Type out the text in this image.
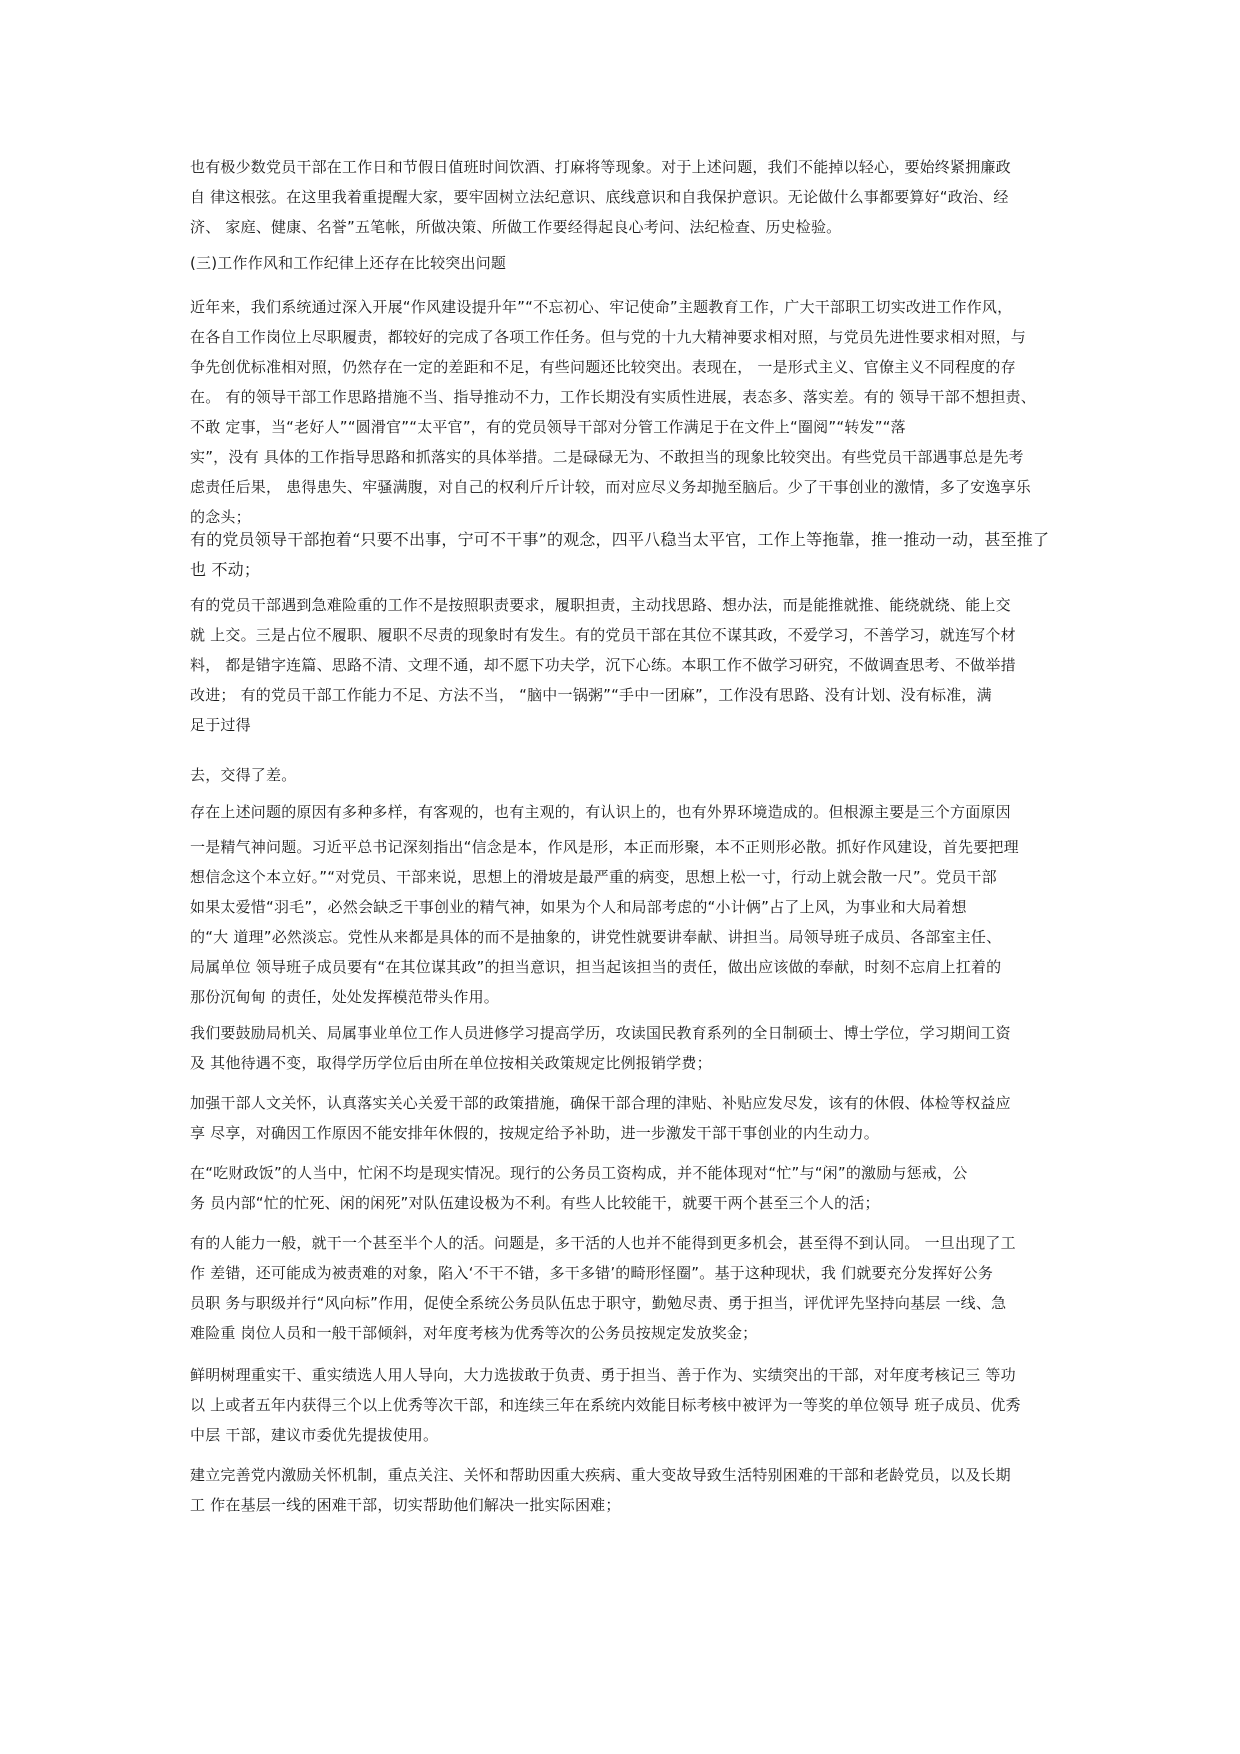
也有极少数党员干部在工作日和节假日值班时间饮酒、打麻将等现象。对于上述问题，我们不能掉以轻心，要始终紧拥廉政
自 律这根弦。在这里我着重提醒大家，要牢固树立法纪意识、底线意识和自我保护意识。无论做什么事都要算好“政治、经
济、 家庭、健康、名誉”五笔帐，所做决策、所做工作要经得起良心考问、法纪检查、历史检验。
(三)工作作风和工作纪律上还存在比较突出问题
近年来，我们系统通过深入开展“作风建设提升年”“不忘初心、牢记使命”主题教育工作，广大干部职工切实改进工作作风，
在各自工作岗位上尽职履责，都较好的完成了各项工作任务。但与党的十九大精神要求相对照，与党员先进性要求相对照，与
争先创优标准相对照，仍然存在一定的差距和不足，有些问题还比较突出。表现在， 一是形式主义、官僚主义不同程度的存
在。 有的领导干部工作思路措施不当、指导推动不力，工作长期没有实质性进展，表态多、落实差。有的 领导干部不想担责、
不敢 定事，当“老好人”“圆滑官”“太平官”，有的党员领导干部对分管工作满足于在文件上“圈阅”“转发”“落
实”，没有 具体的工作指导思路和抓落实的具体举措。二是碌碌无为、不敢担当的现象比较突出。有些党员干部遇事总是先考
虑责任后果， 患得患失、牢骚满腹，对自己的权利斤斤计较，而对应尽义务却抛至脑后。少了干事创业的激情，多了安逸享乐
的念头；
有的党员领导干部抱着“只要不出事，宁可不干事”的观念，四平八稳当太平官，工作上等拖靠，推一推动一动，甚至推了
也 不动；
有的党员干部遇到急难险重的工作不是按照职责要求，履职担责，主动找思路、想办法，而是能推就推、能绕就绕、能上交
就 上交。三是占位不履职、履职不尽责的现象时有发生。有的党员干部在其位不谋其政，不爱学习，不善学习，就连写个材
料， 都是错字连篇、思路不清、文理不通，却不愿下功夫学，沉下心练。本职工作不做学习研究，不做调查思考、不做举措
改进； 有的党员干部工作能力不足、方法不当， “脑中一锅粥”“手中一团麻”，工作没有思路、没有计划、没有标准，满
足于过得
去，交得了差。
存在上述问题的原因有多种多样，有客观的，也有主观的，有认识上的，也有外界环境造成的。但根源主要是三个方面原因
一是精气神问题。习近平总书记深刻指出“信念是本，作风是形，本正而形聚，本不正则形必散。抓好作风建设，首先要把理
想信念这个本立好。”“对党员、干部来说，思想上的滑坡是最严重的病变，思想上松一寸，行动上就会散一尺”。党员干部
如果太爱惜“羽毛”，必然会缺乏干事创业的精气神，如果为个人和局部考虑的“小计俩”占了上风，为事业和大局着想
的“大 道理”必然淡忘。党性从来都是具体的而不是抽象的，讲党性就要讲奉献、讲担当。局领导班子成员、各部室主任、
局属单位 领导班子成员要有“在其位谋其政”的担当意识，担当起该担当的责任，做出应该做的奉献，时刻不忘肩上扛着的
那份沉甸甸 的责任，处处发挥模范带头作用。
我们要鼓励局机关、局属事业单位工作人员进修学习提高学历，攻读国民教育系列的全日制硕士、博士学位，学习期间工资
及 其他待遇不变，取得学历学位后由所在单位按相关政策规定比例报销学费；
加强干部人文关怀，认真落实关心关爱干部的政策措施，确保干部合理的津贴、补贴应发尽发，该有的休假、体检等权益应
享 尽享，对确因工作原因不能安排年休假的，按规定给予补助，进一步激发干部干事创业的内生动力。
在“吃财政饭”的人当中，忙闲不均是现实情况。现行的公务员工资构成，并不能体现对“忙”与“闲”的激励与惩戒，公
务 员内部“忙的忙死、闲的闲死”对队伍建设极为不利。有些人比较能干，就要干两个甚至三个人的活；
有的人能力一般，就干一个甚至半个人的活。问题是，多干活的人也并不能得到更多机会，甚至得不到认同。 一旦出现了工
作 差错，还可能成为被责难的对象，陷入‘不干不错，多干多错’的畸形怪圈”。基于这种现状，我 们就要充分发挥好公务
员职 务与职级并行“风向标”作用，促使全系统公务员队伍忠于职守，勤勉尽责、勇于担当，评优评先坚持向基层 一线、急
难险重 岗位人员和一般干部倾斜，对年度考核为优秀等次的公务员按规定发放奖金；
鲜明树理重实干、重实绩选人用人导向，大力选拔敢于负责、勇于担当、善于作为、实绩突出的干部，对年度考核记三 等功
以 上或者五年内获得三个以上优秀等次干部，和连续三年在系统内效能目标考核中被评为一等奖的单位领导 班子成员、优秀
中层 干部，建议市委优先提拔使用。
建立完善党内激励关怀机制，重点关注、关怀和帮助因重大疾病、重大变故导致生活特别困难的干部和老龄党员，以及长期
工 作在基层一线的困难干部，切实帮助他们解决一批实际困难；
